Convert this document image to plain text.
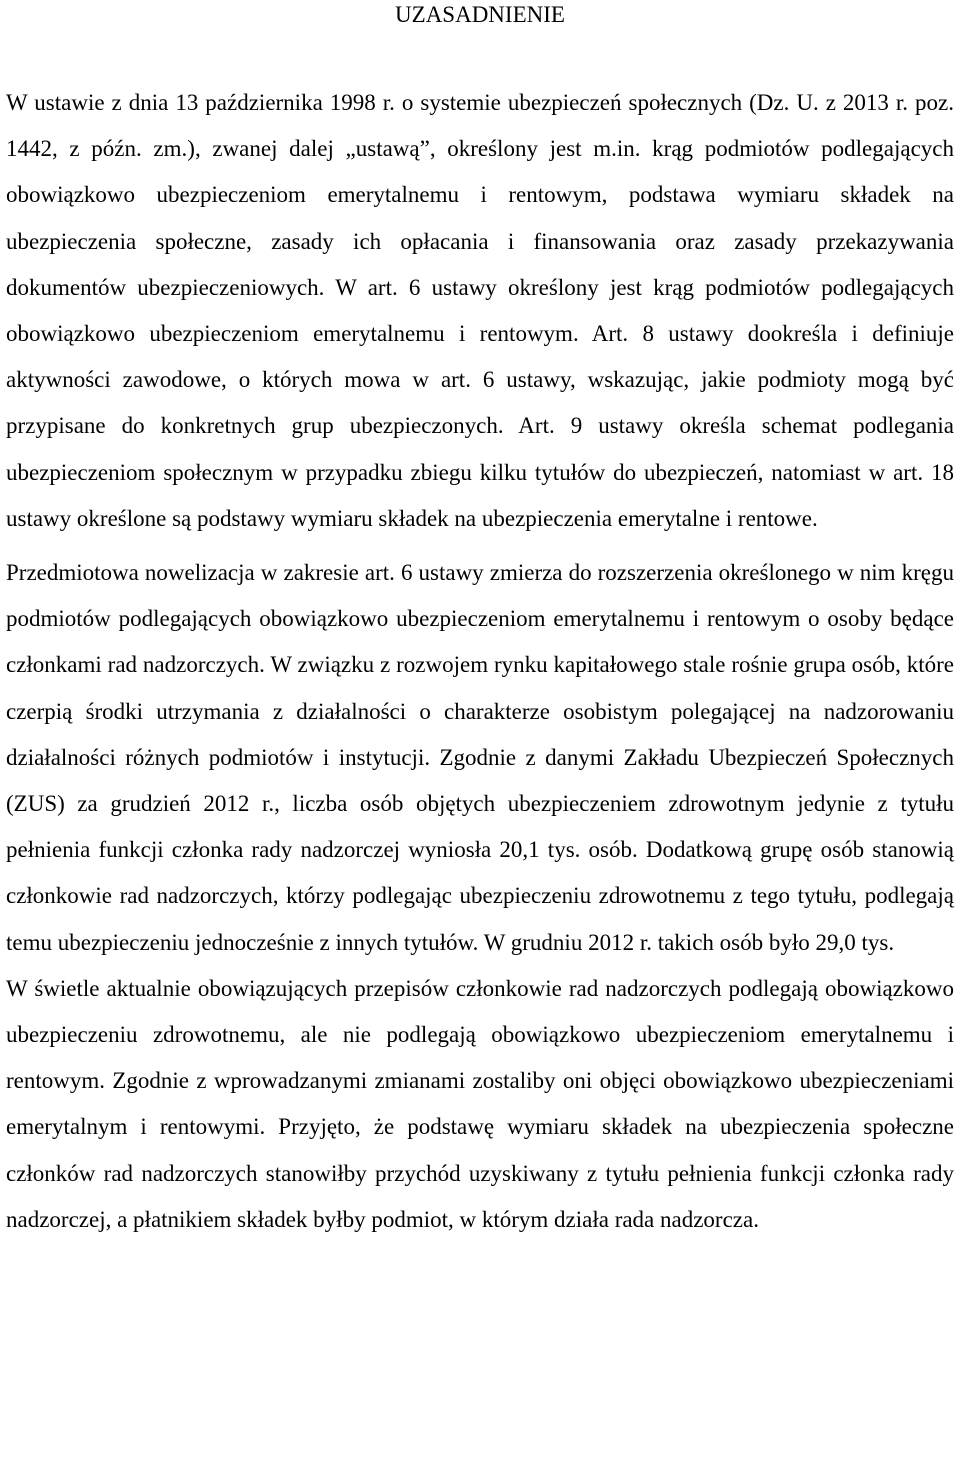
UZASADNIENIE

W ustawie z dnia 13 października 1998 r. o systemie ubezpieczeń społecznych (Dz. U. z 2013 r. poz. 1442, z późn. zm.), zwanej dalej „ustawą”, określony jest m.in. krąg podmiotów podlegających obowiązkowo ubezpieczeniom emerytalnemu i rentowym, podstawa wymiaru składek na ubezpieczenia społeczne, zasady ich opłacania i finansowania oraz zasady przekazywania dokumentów ubezpieczeniowych. W art. 6 ustawy określony jest krąg podmiotów podlegających obowiązkowo ubezpieczeniom emerytalnemu i rentowym. Art. 8 ustawy dookreśla i definiuje aktywności zawodowe, o których mowa w art. 6 ustawy, wskazując, jakie podmioty mogą być przypisane do konkretnych grup ubezpieczonych. Art. 9 ustawy określa schemat podlegania ubezpieczeniom społecznym w przypadku zbiegu kilku tytułów do ubezpieczeń, natomiast w art. 18 ustawy określone są podstawy wymiaru składek na ubezpieczenia emerytalne i rentowe.

Przedmiotowa nowelizacja w zakresie art. 6 ustawy zmierza do rozszerzenia określonego w nim kręgu podmiotów podlegających obowiązkowo ubezpieczeniom emerytalnemu i rentowym o osoby będące członkami rad nadzorczych. W związku z rozwojem rynku kapitałowego stale rośnie grupa osób, które czerpią środki utrzymania z działalności o charakterze osobistym polegającej na nadzorowaniu działalności różnych podmiotów i instytucji. Zgodnie z danymi Zakładu Ubezpieczeń Społecznych (ZUS) za grudzień 2012 r., liczba osób objętych ubezpieczeniem zdrowotnym jedynie z tytułu pełnienia funkcji członka rady nadzorczej wyniosła 20,1 tys. osób. Dodatkową grupę osób stanowią członkowie rad nadzorczych, którzy podlegając ubezpieczeniu zdrowotnemu z tego tytułu, podlegają temu ubezpieczeniu jednocześnie z innych tytułów. W grudniu 2012 r. takich osób było 29,0 tys.

W świetle aktualnie obowiązujących przepisów członkowie rad nadzorczych podlegają obowiązkowo ubezpieczeniu zdrowotnemu, ale nie podlegają obowiązkowo ubezpieczeniom emerytalnemu i rentowym. Zgodnie z wprowadzanymi zmianami zostaliby oni objęci obowiązkowo ubezpieczeniami emerytalnym i rentowymi. Przyjęto, że podstawę wymiaru składek na ubezpieczenia społeczne członków rad nadzorczych stanowiłby przychód uzyskiwany z tytułu pełnienia funkcji członka rady nadzorczej, a płatnikiem składek byłby podmiot, w którym działa rada nadzorcza.
